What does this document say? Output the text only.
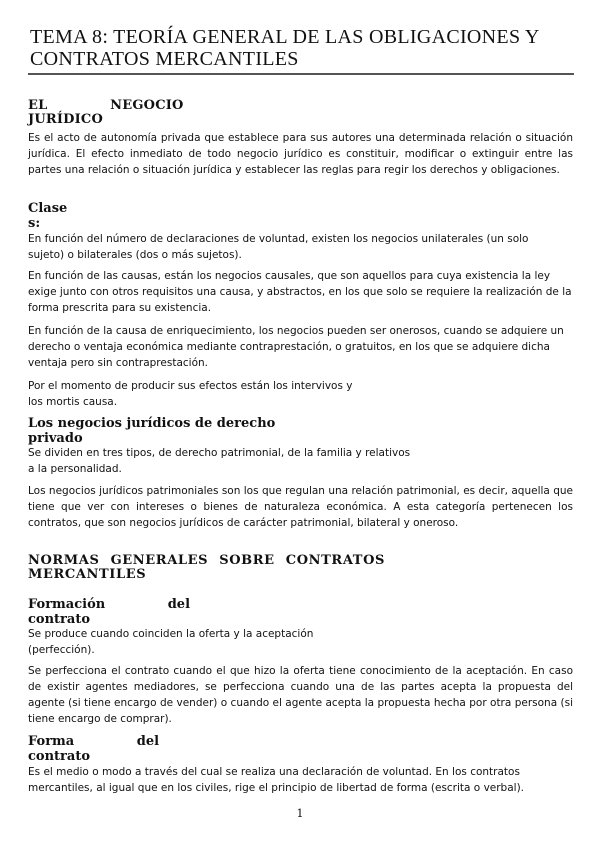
TEMA 8: TEORÍA GENERAL DE LAS OBLIGACIONES Y
CONTRATOS MERCANTILES
EL NEGOCIO
JURÍDICO

Es el acto de autonomía privada que establece para sus autores una determinada relación o situación jurídica. El efecto inmediato de todo negocio jurídico es constituir, modificar o extinguir entre las partes una relación o situación jurídica y establecer las reglas para regir los derechos y obligaciones.

Clase
s:

En función del número de declaraciones de voluntad, existen los negocios unilaterales (un solo
sujeto) o bilaterales (dos o más sujetos).

En función de las causas, están los negocios causales, que son aquellos para cuya existencia la ley exige junto con otros requisitos una causa, y abstractos, en los que solo se requiere la realización de la forma prescrita para su existencia.

En función de la causa de enriquecimiento, los negocios pueden ser onerosos, cuando se adquiere un derecho o ventaja económica mediante contraprestación, o gratuitos, en los que se adquiere dicha ventaja pero sin contraprestación.

Por el momento de producir sus efectos están los intervivos y
los mortis causa.

Los negocios jurídicos de derecho
privado

Se dividen en tres tipos, de derecho patrimonial, de la familia y relativos
a la personalidad.

Los negocios jurídicos patrimoniales son los que regulan una relación patrimonial, es decir, aquella que tiene que ver con intereses o bienes de naturaleza económica. A esta categoría pertenecen los contratos, que son negocios jurídicos de carácter patrimonial, bilateral y oneroso.

NORMAS GENERALES SOBRE CONTRATOS
MERCANTILES
Formación del
contrato

Se produce cuando coinciden la oferta y la aceptación
(perfección).

Se perfecciona el contrato cuando el que hizo la oferta tiene conocimiento de la aceptación. En caso de existir agentes mediadores, se perfecciona cuando una de las partes acepta la propuesta del agente (si tiene encargo de vender) o cuando el agente acepta la propuesta hecha por otra persona (si tiene encargo de comprar).

Forma del
contrato

Es el medio o modo a través del cual se realiza una declaración de voluntad. En los contratos mercantiles, al igual que en los civiles, rige el principio de libertad de forma (escrita o verbal).

1
